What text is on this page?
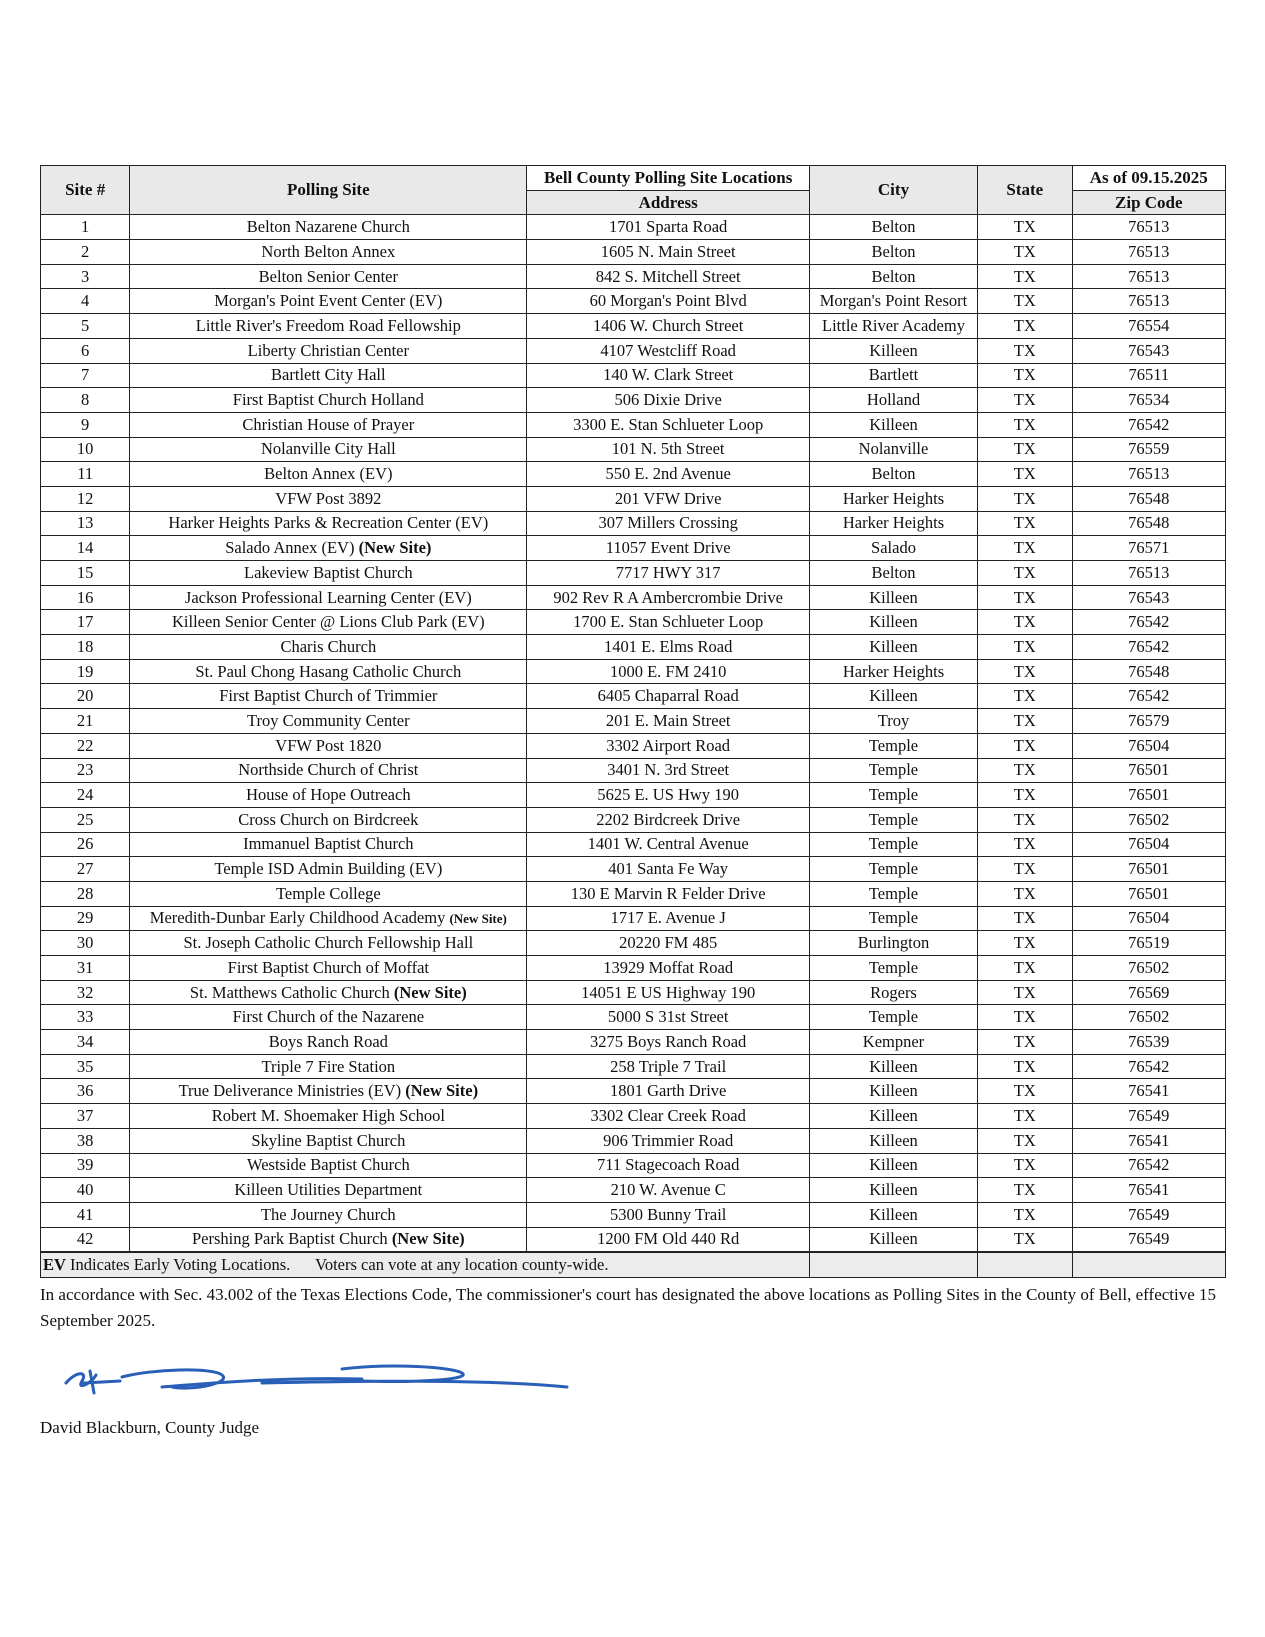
Site #	Polling Site	Bell County Polling Site Locations	City	State	As of 09.15.2025
		Address			Zip Code
1	Belton Nazarene Church	1701 Sparta Road	Belton	TX	76513
2	North Belton Annex	1605 N. Main Street	Belton	TX	76513
3	Belton Senior Center	842 S. Mitchell Street	Belton	TX	76513
4	Morgan's Point Event Center (EV)	60 Morgan's Point Blvd	Morgan's Point Resort	TX	76513
5	Little River's Freedom Road Fellowship	1406 W. Church Street	Little River Academy	TX	76554
6	Liberty Christian Center	4107 Westcliff Road	Killeen	TX	76543
7	Bartlett City Hall	140 W. Clark Street	Bartlett	TX	76511
8	First Baptist Church Holland	506 Dixie Drive	Holland	TX	76534
9	Christian House of Prayer	3300 E. Stan Schlueter Loop	Killeen	TX	76542
10	Nolanville City Hall	101 N. 5th Street	Nolanville	TX	76559
11	Belton Annex (EV)	550 E. 2nd Avenue	Belton	TX	76513
12	VFW Post 3892	201 VFW Drive	Harker Heights	TX	76548
13	Harker Heights Parks & Recreation Center (EV)	307 Millers Crossing	Harker Heights	TX	76548
14	Salado Annex (EV) (New Site)	11057 Event Drive	Salado	TX	76571
15	Lakeview Baptist Church	7717 HWY 317	Belton	TX	76513
16	Jackson Professional Learning Center (EV)	902 Rev R A Ambercrombie Drive	Killeen	TX	76543
17	Killeen Senior Center @ Lions Club Park (EV)	1700 E. Stan Schlueter Loop	Killeen	TX	76542
18	Charis Church	1401 E. Elms Road	Killeen	TX	76542
19	St. Paul Chong Hasang Catholic Church	1000 E. FM 2410	Harker Heights	TX	76548
20	First Baptist Church of Trimmier	6405 Chaparral Road	Killeen	TX	76542
21	Troy Community Center	201 E. Main Street	Troy	TX	76579
22	VFW Post 1820	3302 Airport Road	Temple	TX	76504
23	Northside Church of Christ	3401 N. 3rd Street	Temple	TX	76501
24	House of Hope Outreach	5625 E. US Hwy 190	Temple	TX	76501
25	Cross Church on Birdcreek	2202 Birdcreek Drive	Temple	TX	76502
26	Immanuel Baptist Church	1401 W. Central Avenue	Temple	TX	76504
27	Temple ISD Admin Building (EV)	401 Santa Fe Way	Temple	TX	76501
28	Temple College	130 E Marvin R Felder Drive	Temple	TX	76501
29	Meredith-Dunbar Early Childhood Academy (New Site)	1717 E. Avenue J	Temple	TX	76504
30	St. Joseph Catholic Church Fellowship Hall	20220 FM 485	Burlington	TX	76519
31	First Baptist Church of Moffat	13929 Moffat Road	Temple	TX	76502
32	St. Matthews Catholic Church (New Site)	14051 E US Highway 190	Rogers	TX	76569
33	First Church of the Nazarene	5000 S 31st Street	Temple	TX	76502
34	Boys Ranch Road	3275 Boys Ranch Road	Kempner	TX	76539
35	Triple 7 Fire Station	258 Triple 7 Trail	Killeen	TX	76542
36	True Deliverance Ministries (EV) (New Site)	1801 Garth Drive	Killeen	TX	76541
37	Robert M. Shoemaker High School	3302 Clear Creek Road	Killeen	TX	76549
38	Skyline Baptist Church	906 Trimmier Road	Killeen	TX	76541
39	Westside Baptist Church	711 Stagecoach Road	Killeen	TX	76542
40	Killeen Utilities Department	210 W. Avenue C	Killeen	TX	76541
41	The Journey Church	5300 Bunny Trail	Killeen	TX	76549
42	Pershing Park Baptist Church (New Site)	1200 FM Old 440 Rd	Killeen	TX	76549
EV Indicates Early Voting Locations. Voters can vote at any location county-wide.					
In accordance with Sec. 43.002 of the Texas Elections Code, The commissioner's court has designated the above locations as Polling Sites in the County of Bell, effective 15 September 2025.
David Blackburn, County Judge
